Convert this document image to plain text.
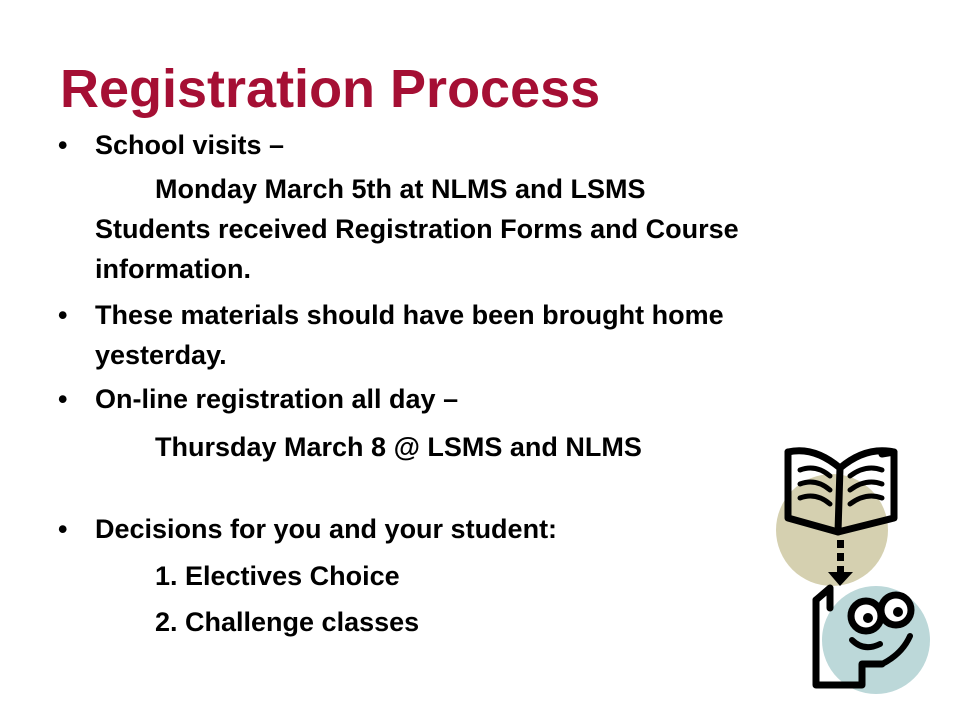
Registration Process
• School visits –
Monday March 5th at NLMS and LSMS
Students received Registration Forms and Course
information.
• These materials should have been brought home
yesterday.
• On-line registration all day –
Thursday March 8 @ LSMS and NLMS
• Decisions for you and your student:
1. Electives Choice
2. Challenge classes
